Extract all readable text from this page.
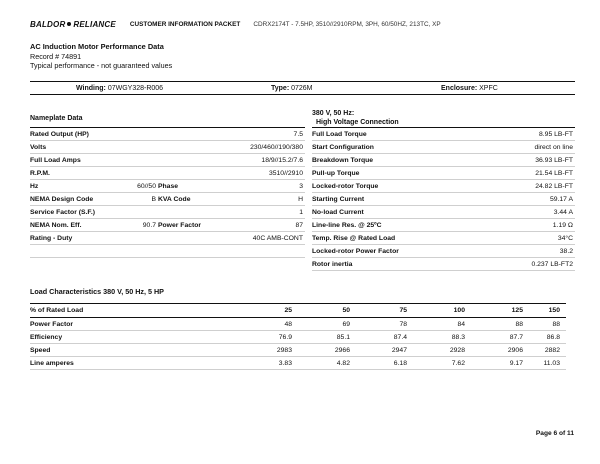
BALDOR RELIANCE CUSTOMER INFORMATION PACKET CDRX2174T - 7.5HP, 3510//2910RPM, 3PH, 60/50HZ, 213TC, XP
AC Induction Motor Performance Data
Record # 74891
Typical performance - not guaranteed values
Winding: 07WGY328-R006	Type: 0726M	Enclosure: XPFC
Nameplate Data
Rated Output (HP)	7.5
Volts	230/460//190/380
Full Load Amps	18/9//15.2/7.6
R.P.M.	3510//2910
Hz	60//50 Phase	3
NEMA Design Code	B KVA Code	H
Service Factor (S.F.)	1
NEMA Nom. Eff.	90.7 Power Factor	87
Rating - Duty	40C AMB-CONT
380 V, 50 Hz:
High Voltage Connection
Full Load Torque	8.95 LB-FT
Start Configuration	direct on line
Breakdown Torque	36.93 LB-FT
Pull-up Torque	21.54 LB-FT
Locked-rotor Torque	24.82 LB-FT
Starting Current	59.17 A
No-load Current	3.44 A
Line-line Res. @ 25ºC	1.19 Ω
Temp. Rise @ Rated Load	34°C
Locked-rotor Power Factor	38.2
Rotor inertia	0.237 LB-FT2
Load Characteristics 380 V, 50 Hz, 5 HP
% of Rated Load	25	50	75	100	125	150
Power Factor	48	69	78	84	88	88
Efficiency	76.9	85.1	87.4	88.3	87.7	86.8
Speed	2983	2966	2947	2928	2906	2882
Line amperes	3.83	4.82	6.18	7.62	9.17	11.03
Page 6 of 11
